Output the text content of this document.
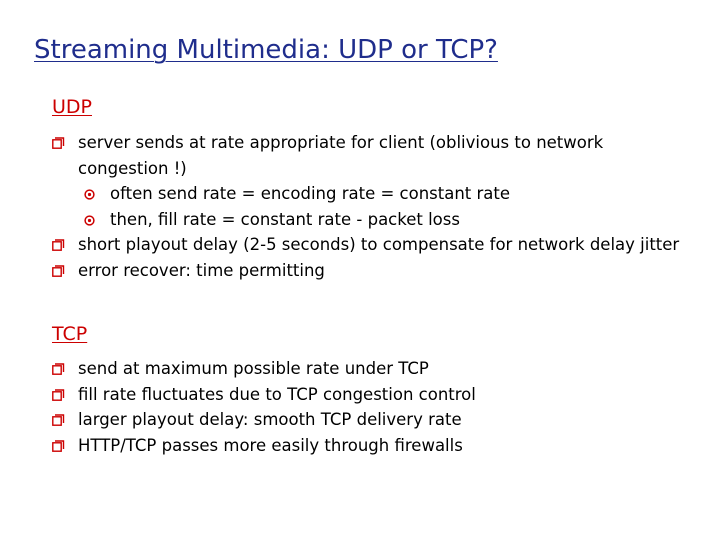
Streaming Multimedia: UDP or TCP?
UDP
server sends at rate appropriate for client (oblivious to network congestion !)
often send rate = encoding rate = constant rate
then, fill rate = constant rate - packet loss
short playout delay (2-5 seconds) to compensate for network delay jitter
error recover: time permitting
TCP
send at maximum possible rate under TCP
fill rate fluctuates due to TCP congestion control
larger playout delay: smooth TCP delivery rate
HTTP/TCP passes more easily through firewalls
